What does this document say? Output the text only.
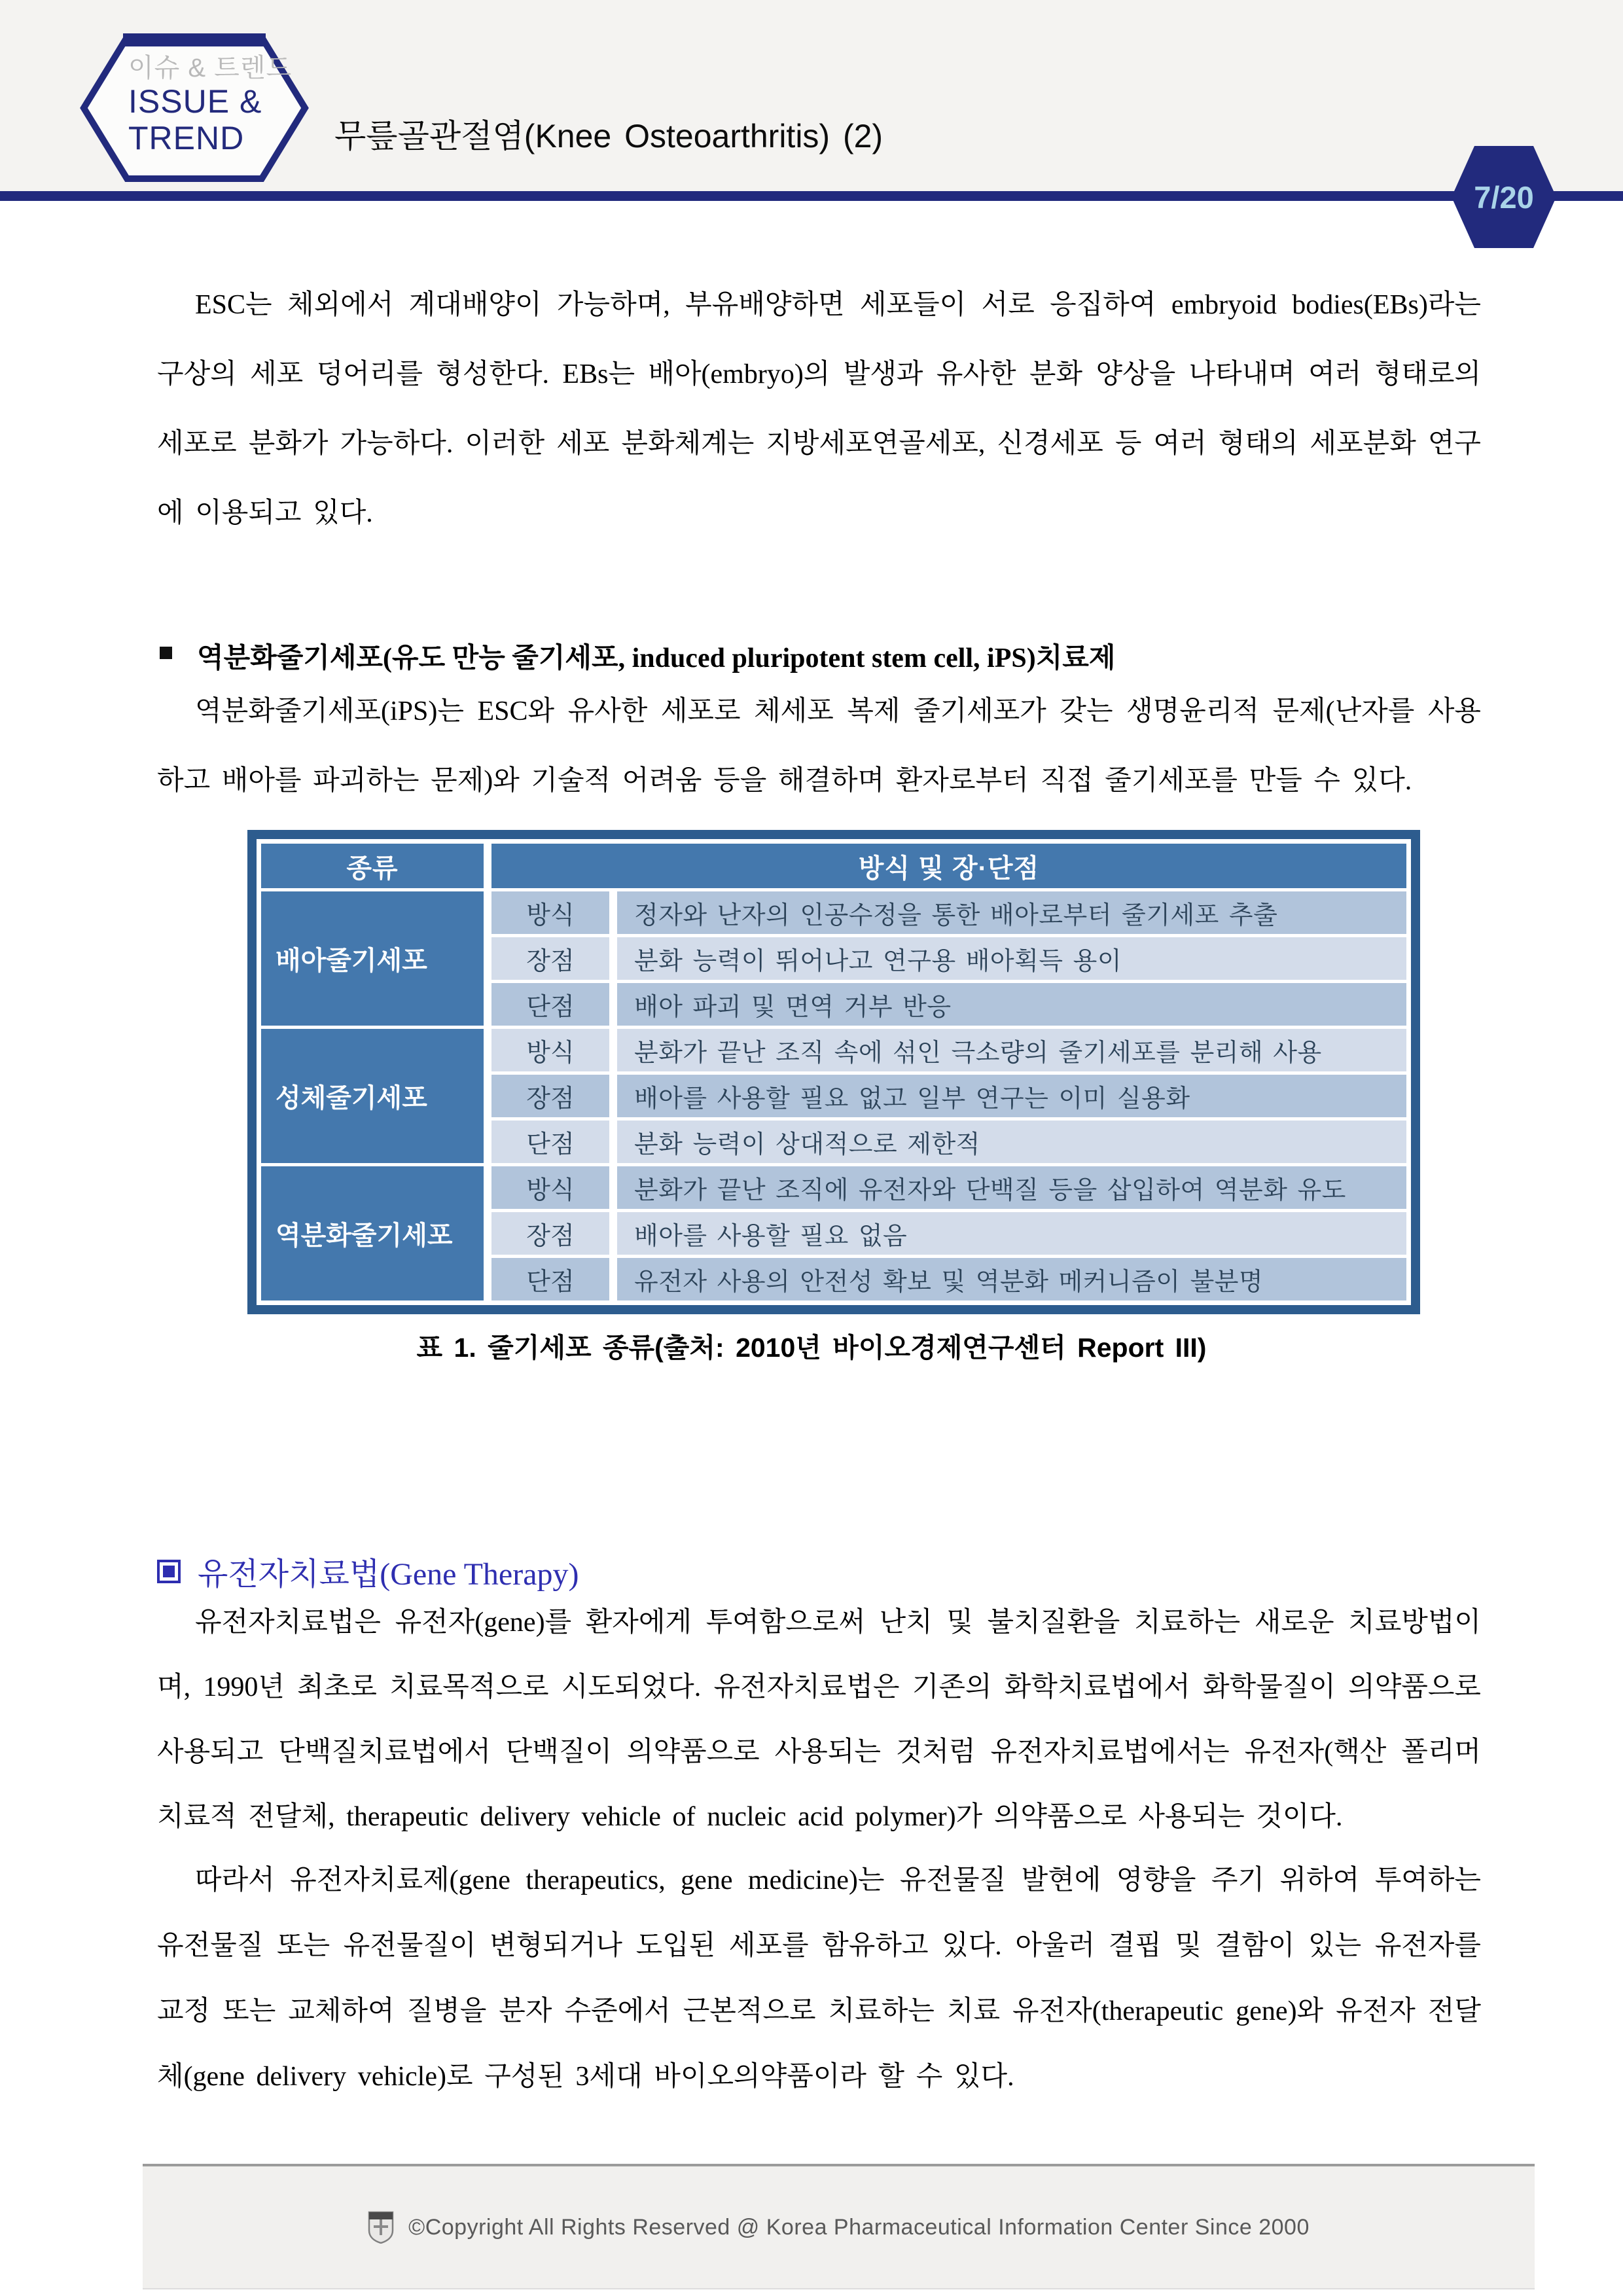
이슈 & 트렌드
ISSUE &
TREND	무릎골관절염(Knee Osteoarthritis) (2)
7/20

ESC는 체외에서 계대배양이 가능하며, 부유배양하면 세포들이 서로 응집하여 embryoid bodies(EBs)라는 구상의 세포 덩어리를 형성한다. EBs는 배아(embryo)의 발생과 유사한 분화 양상을 나타내며 여러 형태로의 세포로 분화가 가능하다. 이러한 세포 분화체계는 지방세포연골세포, 신경세포 등 여러 형태의 세포분화 연구에 이용되고 있다.

역분화줄기세포(유도 만능 줄기세포, induced pluripotent stem cell, iPS)치료제

역분화줄기세포(iPS)는 ESC와 유사한 세포로 체세포 복제 줄기세포가 갖는 생명윤리적 문제(난자를 사용하고 배아를 파괴하는 문제)와 기술적 어려움 등을 해결하며 환자로부터 직접 줄기세포를 만들 수 있다.

종류	방식 및 장·단점
배아줄기세포
방식	정자와 난자의 인공수정을 통한 배아로부터 줄기세포 추출
장점	분화 능력이 뛰어나고 연구용 배아획득 용이
단점	배아 파괴 및 면역 거부 반응
성체줄기세포
방식	분화가 끝난 조직 속에 섞인 극소량의 줄기세포를 분리해 사용
장점	배아를 사용할 필요 없고 일부 연구는 이미 실용화
단점	분화 능력이 상대적으로 제한적
역분화줄기세포
방식	분화가 끝난 조직에 유전자와 단백질 등을 삽입하여 역분화 유도
장점	배아를 사용할 필요 없음
단점	유전자 사용의 안전성 확보 및 역분화 메커니즘이 불분명
표 1. 줄기세포 종류(출처: 2010년 바이오경제연구센터 Report III)
유전자치료법(Gene Therapy)

유전자치료법은 유전자(gene)를 환자에게 투여함으로써 난치 및 불치질환을 치료하는 새로운 치료방법이며, 1990년 최초로 치료목적으로 시도되었다. 유전자치료법은 기존의 화학치료법에서 화학물질이 의약품으로 사용되고 단백질치료법에서 단백질이 의약품으로 사용되는 것처럼 유전자치료법에서는 유전자(핵산 폴리머 치료적 전달체, therapeutic delivery vehicle of nucleic acid polymer)가 의약품으로 사용되는 것이다.

따라서 유전자치료제(gene therapeutics, gene medicine)는 유전물질 발현에 영향을 주기 위하여 투여하는 유전물질 또는 유전물질이 변형되거나 도입된 세포를 함유하고 있다. 아울러 결핍 및 결함이 있는 유전자를 교정 또는 교체하여 질병을 분자 수준에서 근본적으로 치료하는 치료 유전자(therapeutic gene)와 유전자 전달체(gene delivery vehicle)로 구성된 3세대 바이오의약품이라 할 수 있다.

©Copyright All Rights Reserved @ Korea Pharmaceutical Information Center Since 2000
